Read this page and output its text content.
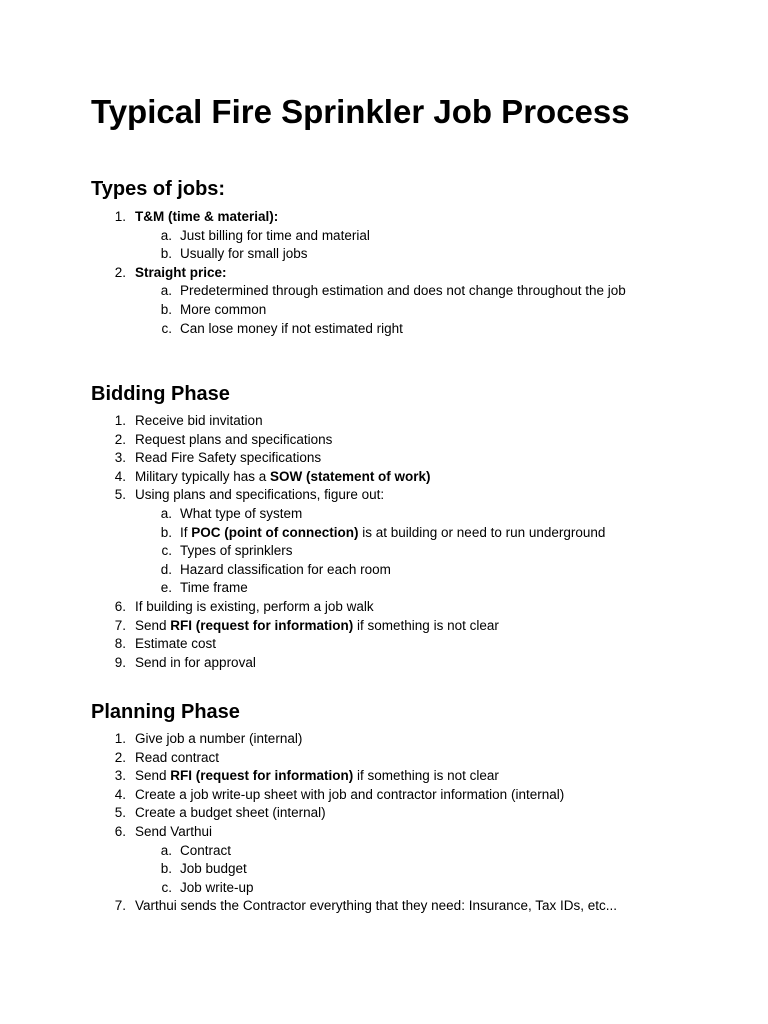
Typical Fire Sprinkler Job Process
Types of jobs:
1. T&M (time & material):
a. Just billing for time and material
b. Usually for small jobs
2. Straight price:
a. Predetermined through estimation and does not change throughout the job
b. More common
c. Can lose money if not estimated right
Bidding Phase
1. Receive bid invitation
2. Request plans and specifications
3. Read Fire Safety specifications
4. Military typically has a SOW (statement of work)
5. Using plans and specifications, figure out:
a. What type of system
b. If POC (point of connection) is at building or need to run underground
c. Types of sprinklers
d. Hazard classification for each room
e. Time frame
6. If building is existing, perform a job walk
7. Send RFI (request for information) if something is not clear
8. Estimate cost
9. Send in for approval
Planning Phase
1. Give job a number (internal)
2. Read contract
3. Send RFI (request for information) if something is not clear
4. Create a job write-up sheet with job and contractor information (internal)
5. Create a budget sheet (internal)
6. Send Varthui
a. Contract
b. Job budget
c. Job write-up
7. Varthui sends the Contractor everything that they need: Insurance, Tax IDs, etc...
